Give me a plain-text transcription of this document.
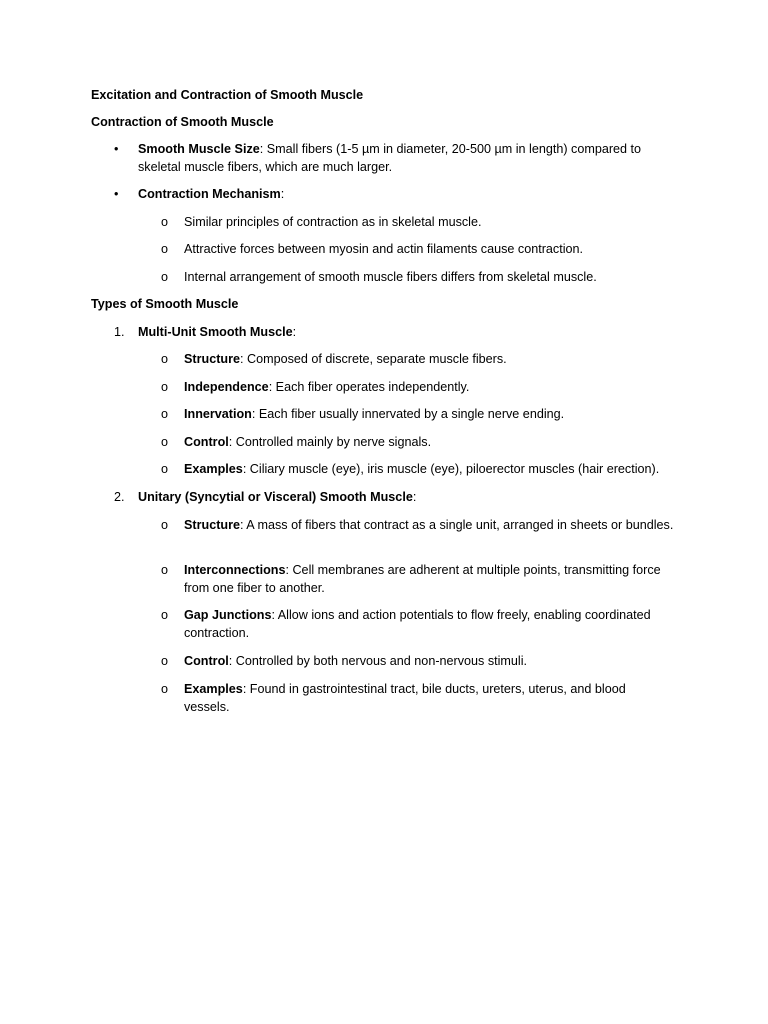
Excitation and Contraction of Smooth Muscle
Contraction of Smooth Muscle
•	Smooth Muscle Size: Small fibers (1-5 µm in diameter, 20-500 µm in length) compared to skeletal muscle fibers, which are much larger.
•	Contraction Mechanism:
o	Similar principles of contraction as in skeletal muscle.
o	Attractive forces between myosin and actin filaments cause contraction.
o	Internal arrangement of smooth muscle fibers differs from skeletal muscle.
Types of Smooth Muscle
1.	Multi-Unit Smooth Muscle:
o	Structure: Composed of discrete, separate muscle fibers.
o	Independence: Each fiber operates independently.
o	Innervation: Each fiber usually innervated by a single nerve ending.
o	Control: Controlled mainly by nerve signals.
o	Examples: Ciliary muscle (eye), iris muscle (eye), piloerector muscles (hair erection).
2.	Unitary (Syncytial or Visceral) Smooth Muscle:
o	Structure: A mass of fibers that contract as a single unit, arranged in sheets or bundles.
o	Interconnections: Cell membranes are adherent at multiple points, transmitting force from one fiber to another.
o	Gap Junctions: Allow ions and action potentials to flow freely, enabling coordinated contraction.
o	Control: Controlled by both nervous and non-nervous stimuli.
o	Examples: Found in gastrointestinal tract, bile ducts, ureters, uterus, and blood vessels.
